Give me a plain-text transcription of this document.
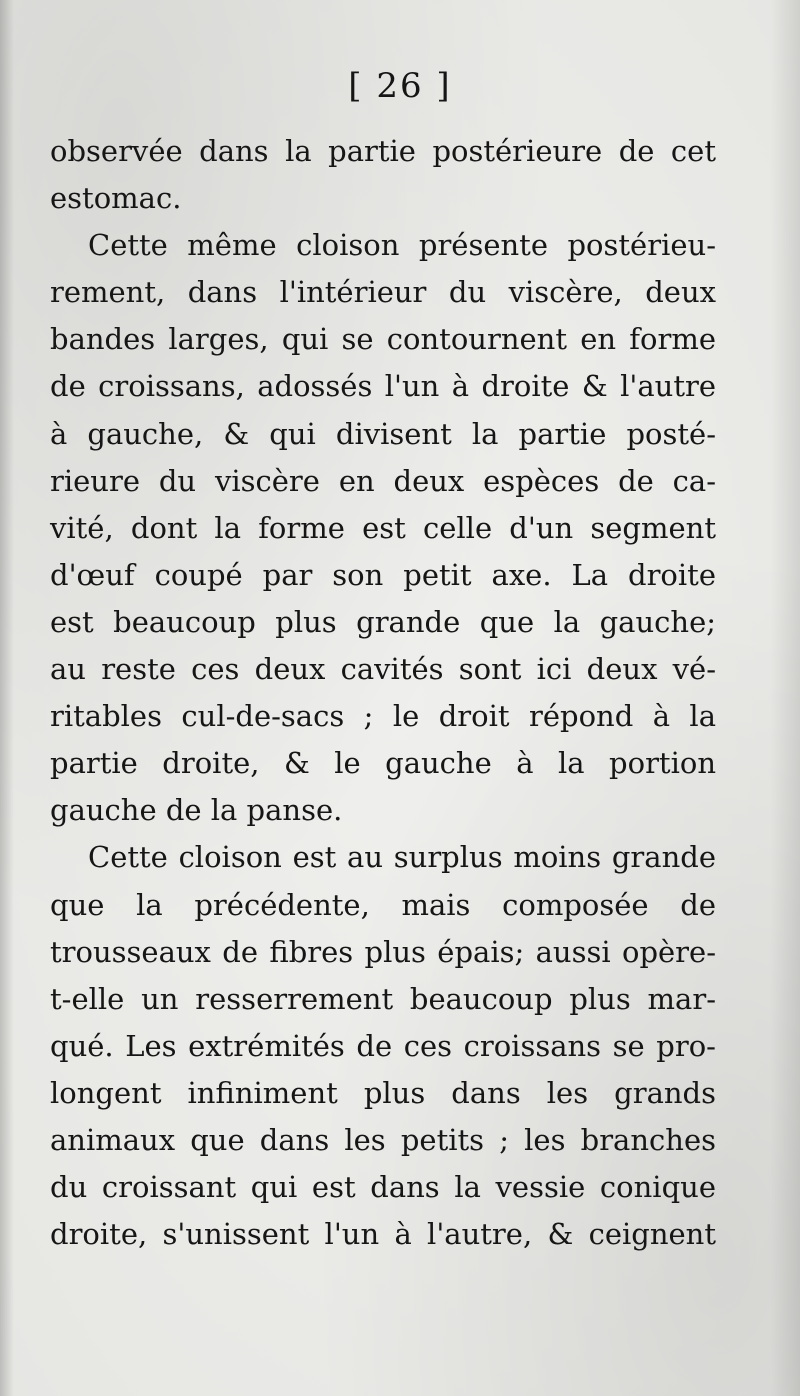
[ 26 ]
observée dans la partie postérieure de cet
estomac.
Cette même cloison présente postérieu-
rement, dans l'intérieur du viscère, deux
bandes larges, qui se contournent en forme
de croissans, adossés l'un à droite & l'autre
à gauche, & qui divisent la partie posté-
rieure du viscère en deux espèces de ca-
vité, dont la forme est celle d'un segment
d'œuf coupé par son petit axe. La droite
est beaucoup plus grande que la gauche;
au reste ces deux cavités sont ici deux vé-
ritables cul-de-sacs ; le droit répond à la
partie droite, & le gauche à la portion
gauche de la panse.
Cette cloison est au surplus moins grande
que la précédente, mais composée de
trousseaux de fibres plus épais; aussi opère-
t-elle un resserrement beaucoup plus mar-
qué. Les extrémités de ces croissans se pro-
longent infiniment plus dans les grands
animaux que dans les petits ; les branches
du croissant qui est dans la vessie conique
droite, s'unissent l'un à l'autre, & ceignent
